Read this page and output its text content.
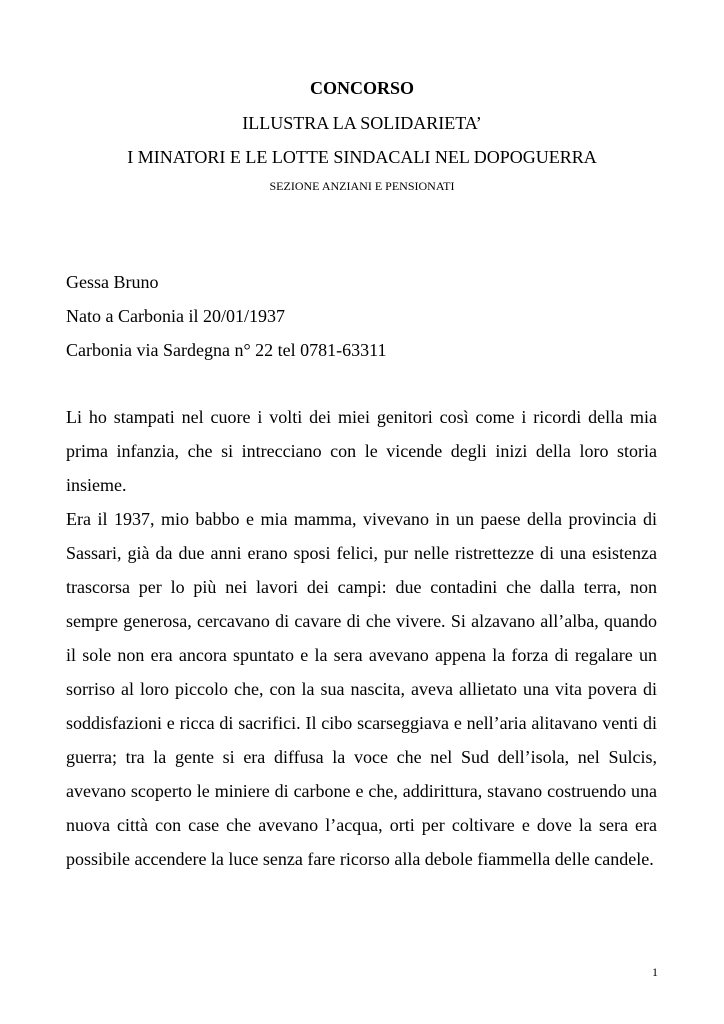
CONCORSO
ILLUSTRA LA SOLIDARIETA’
I MINATORI E LE LOTTE SINDACALI NEL DOPOGUERRA
SEZIONE ANZIANI E PENSIONATI
Gessa Bruno
Nato a Carbonia il 20/01/1937
Carbonia via Sardegna n° 22 tel 0781-63311

Li ho stampati nel cuore i volti dei miei genitori così come i ricordi della mia prima infanzia, che si intrecciano con le vicende degli inizi della loro storia insieme.

Era il 1937, mio babbo e mia mamma, vivevano in un paese della provincia di Sassari, già da due anni erano sposi felici, pur nelle ristrettezze di una esistenza trascorsa per lo più nei lavori dei campi: due contadini che dalla terra, non sempre generosa, cercavano di cavare di che vivere. Si alzavano all’alba, quando il sole non era ancora spuntato e la sera avevano appena la forza di regalare un sorriso al loro piccolo che, con la sua nascita, aveva allietato una vita povera di soddisfazioni e ricca di sacrifici. Il cibo scarseggiava e nell’aria alitavano venti di guerra; tra la gente si era diffusa la voce che nel Sud dell’isola, nel Sulcis, avevano scoperto le miniere di carbone e che, addirittura, stavano costruendo una nuova città con case che avevano l’acqua, orti per coltivare e dove la sera era possibile accendere la luce senza fare ricorso alla debole fiammella delle candele.

1
